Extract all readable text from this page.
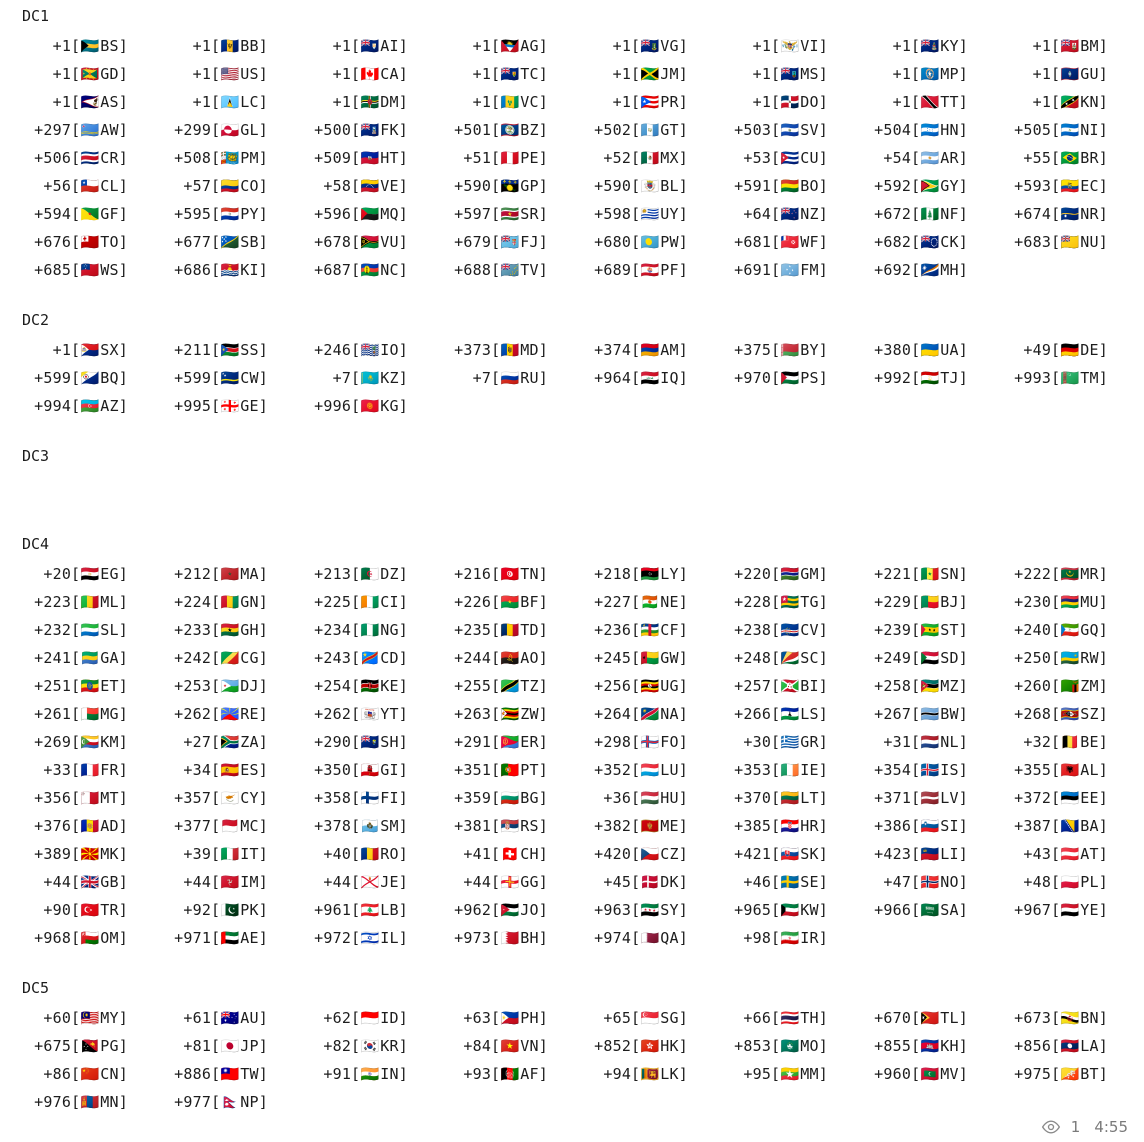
DC1
+1[ 🇧🇸 BS]	+1[ 🇧🇧 BB]	+1[ 🇦🇮 AI]	+1[ 🇦🇬 AG]	+1[ 🇻🇬 VG]	+1[ 🇻🇮 VI]	+1[ 🇰🇾 KY]	+1[ 🇧🇲 BM]
+1[ 🇬🇩 GD]	+1[ 🇺🇸 US]	+1[ 🇨🇦 CA]	+1[ 🇹🇨 TC]	+1[ 🇯🇲 JM]	+1[ 🇲🇸 MS]	+1[ 🇲🇵 MP]	+1[ 🇬🇺 GU]
+1[ 🇦🇸 AS]	+1[ 🇱🇨 LC]	+1[ 🇩🇲 DM]	+1[ 🇻🇨 VC]	+1[ 🇵🇷 PR]	+1[ 🇩🇴 DO]	+1[ 🇹🇹 TT]	+1[ 🇰🇳 KN]
+297[ 🇦🇼 AW]	+299[ 🇬🇱 GL]	+500[ 🇫🇰 FK]	+501[ 🇧🇿 BZ]	+502[ 🇬🇹 GT]	+503[ 🇸🇻 SV]	+504[ 🇭🇳 HN]	+505[ 🇳🇮 NI]
+506[ 🇨🇷 CR]	+508[ 🇵🇲 PM]	+509[ 🇭🇹 HT]	+51[ 🇵🇪 PE]	+52[ 🇲🇽 MX]	+53[ 🇨🇺 CU]	+54[ 🇦🇷 AR]	+55[ 🇧🇷 BR]
+56[ 🇨🇱 CL]	+57[ 🇨🇴 CO]	+58[ 🇻🇪 VE]	+590[ 🇬🇵 GP]	+590[ 🇧🇱 BL]	+591[ 🇧🇴 BO]	+592[ 🇬🇾 GY]	+593[ 🇪🇨 EC]
+594[ 🇬🇫 GF]	+595[ 🇵🇾 PY]	+596[ 🇲🇶 MQ]	+597[ 🇸🇷 SR]	+598[ 🇺🇾 UY]	+64[ 🇳🇿 NZ]	+672[ 🇳🇫 NF]	+674[ 🇳🇷 NR]
+676[ 🇹🇴 TO]	+677[ 🇸🇧 SB]	+678[ 🇻🇺 VU]	+679[ 🇫🇯 FJ]	+680[ 🇵🇼 PW]	+681[ 🇼🇫 WF]	+682[ 🇨🇰 CK]	+683[ 🇳🇺 NU]
+685[ 🇼🇸 WS]	+686[ 🇰🇮 KI]	+687[ 🇳🇨 NC]	+688[ 🇹🇻 TV]	+689[ 🇵🇫 PF]	+691[ 🇫🇲 FM]	+692[ 🇲🇭 MH]
DC2
+1[ 🇸🇽 SX]	+211[ 🇸🇸 SS]	+246[ 🇮🇴 IO]	+373[ 🇲🇩 MD]	+374[ 🇦🇲 AM]	+375[ 🇧🇾 BY]	+380[ 🇺🇦 UA]	+49[ 🇩🇪 DE]
+599[ 🇧🇶 BQ]	+599[ 🇨🇼 CW]	+7[ 🇰🇿 KZ]	+7[ 🇷🇺 RU]	+964[ 🇮🇶 IQ]	+970[ 🇵🇸 PS]	+992[ 🇹🇯 TJ]	+993[ 🇹🇲 TM]
+994[ 🇦🇿 AZ]	+995[ 🇬🇪 GE]	+996[ 🇰🇬 KG]
DC3
DC4
+20[ 🇪🇬 EG]	+212[ 🇲🇦 MA]	+213[ 🇩🇿 DZ]	+216[ 🇹🇳 TN]	+218[ 🇱🇾 LY]	+220[ 🇬🇲 GM]	+221[ 🇸🇳 SN]	+222[ 🇲🇷 MR]
+223[ 🇲🇱 ML]	+224[ 🇬🇳 GN]	+225[ 🇨🇮 CI]	+226[ 🇧🇫 BF]	+227[ 🇳🇪 NE]	+228[ 🇹🇬 TG]	+229[ 🇧🇯 BJ]	+230[ 🇲🇺 MU]
+232[ 🇸🇱 SL]	+233[ 🇬🇭 GH]	+234[ 🇳🇬 NG]	+235[ 🇹🇩 TD]	+236[ 🇨🇫 CF]	+238[ 🇨🇻 CV]	+239[ 🇸🇹 ST]	+240[ 🇬🇶 GQ]
+241[ 🇬🇦 GA]	+242[ 🇨🇬 CG]	+243[ 🇨🇩 CD]	+244[ 🇦🇴 AO]	+245[ 🇬🇼 GW]	+248[ 🇸🇨 SC]	+249[ 🇸🇩 SD]	+250[ 🇷🇼 RW]
+251[ 🇪🇹 ET]	+253[ 🇩🇯 DJ]	+254[ 🇰🇪 KE]	+255[ 🇹🇿 TZ]	+256[ 🇺🇬 UG]	+257[ 🇧🇮 BI]	+258[ 🇲🇿 MZ]	+260[ 🇿🇲 ZM]
+261[ 🇲🇬 MG]	+262[ 🇷🇪 RE]	+262[ 🇾🇹 YT]	+263[ 🇿🇼 ZW]	+264[ 🇳🇦 NA]	+266[ 🇱🇸 LS]	+267[ 🇧🇼 BW]	+268[ 🇸🇿 SZ]
+269[ 🇰🇲 KM]	+27[ 🇿🇦 ZA]	+290[ 🇸🇭 SH]	+291[ 🇪🇷 ER]	+298[ 🇫🇴 FO]	+30[ 🇬🇷 GR]	+31[ 🇳🇱 NL]	+32[ 🇧🇪 BE]
+33[ 🇫🇷 FR]	+34[ 🇪🇸 ES]	+350[ 🇬🇮 GI]	+351[ 🇵🇹 PT]	+352[ 🇱🇺 LU]	+353[ 🇮🇪 IE]	+354[ 🇮🇸 IS]	+355[ 🇦🇱 AL]
+356[ 🇲🇹 MT]	+357[ 🇨🇾 CY]	+358[ 🇫🇮 FI]	+359[ 🇧🇬 BG]	+36[ 🇭🇺 HU]	+370[ 🇱🇹 LT]	+371[ 🇱🇻 LV]	+372[ 🇪🇪 EE]
+376[ 🇦🇩 AD]	+377[ 🇲🇨 MC]	+378[ 🇸🇲 SM]	+381[ 🇷🇸 RS]	+382[ 🇲🇪 ME]	+385[ 🇭🇷 HR]	+386[ 🇸🇮 SI]	+387[ 🇧🇦 BA]
+389[ 🇲🇰 MK]	+39[ 🇮🇹 IT]	+40[ 🇷🇴 RO]	+41[ 🇨🇭 CH]	+420[ 🇨🇿 CZ]	+421[ 🇸🇰 SK]	+423[ 🇱🇮 LI]	+43[ 🇦🇹 AT]
+44[ 🇬🇧 GB]	+44[ 🇮🇲 IM]	+44[ 🇯🇪 JE]	+44[ 🇬🇬 GG]	+45[ 🇩🇰 DK]	+46[ 🇸🇪 SE]	+47[ 🇳🇴 NO]	+48[ 🇵🇱 PL]
+90[ 🇹🇷 TR]	+92[ 🇵🇰 PK]	+961[ 🇱🇧 LB]	+962[ 🇯🇴 JO]	+963[ 🇸🇾 SY]	+965[ 🇰🇼 KW]	+966[ 🇸🇦 SA]	+967[ 🇾🇪 YE]
+968[ 🇴🇲 OM]	+971[ 🇦🇪 AE]	+972[ 🇮🇱 IL]	+973[ 🇧🇭 BH]	+974[ 🇶🇦 QA]	+98[ 🇮🇷 IR]
DC5
+60[ 🇲🇾 MY]	+61[ 🇦🇺 AU]	+62[ 🇮🇩 ID]	+63[ 🇵🇭 PH]	+65[ 🇸🇬 SG]	+66[ 🇹🇭 TH]	+670[ 🇹🇱 TL]	+673[ 🇧🇳 BN]
+675[ 🇵🇬 PG]	+81[ 🇯🇵 JP]	+82[ 🇰🇷 KR]	+84[ 🇻🇳 VN]	+852[ 🇭🇰 HK]	+853[ 🇲🇴 MO]	+855[ 🇰🇭 KH]	+856[ 🇱🇦 LA]
+86[ 🇨🇳 CN]	+886[ 🇹🇼 TW]	+91[ 🇮🇳 IN]	+93[ 🇦🇫 AF]	+94[ 🇱🇰 LK]	+95[ 🇲🇲 MM]	+960[ 🇲🇻 MV]	+975[ 🇧🇹 BT]
+976[ 🇲🇳 MN]	+977[ 🇳🇵 NP]
1 4:55
